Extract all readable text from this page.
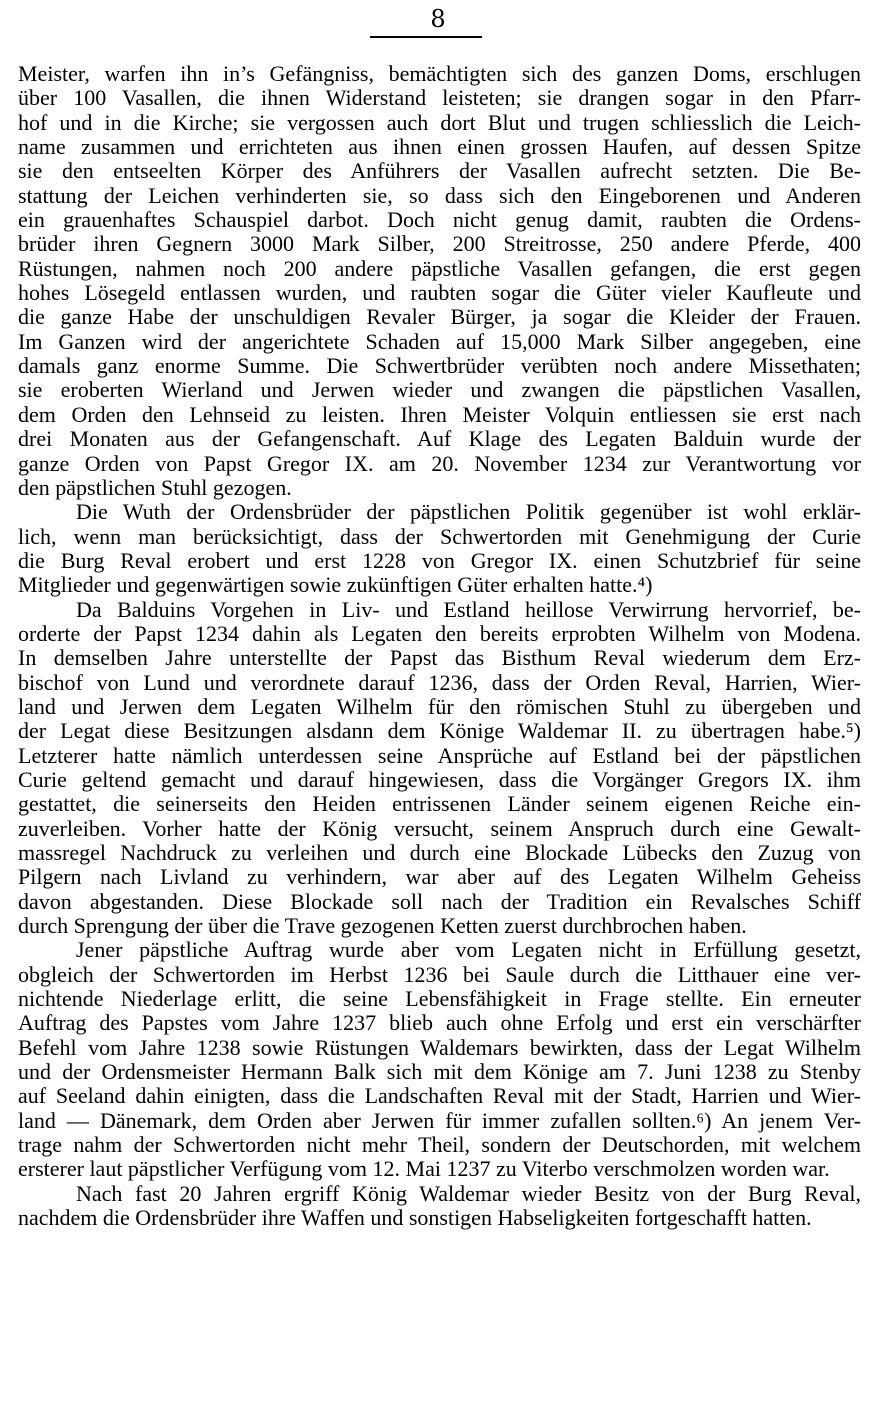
8
Meister, warfen ihn in’s Gefängniss, bemächtigten sich des ganzen Doms, erschlugen
über 100 Vasallen, die ihnen Widerstand leisteten; sie drangen sogar in den Pfarr-
hof und in die Kirche; sie vergossen auch dort Blut und trugen schliesslich die Leich-
name zusammen und errichteten aus ihnen einen grossen Haufen, auf dessen Spitze
sie den entseelten Körper des Anführers der Vasallen aufrecht setzten. Die Be-
stattung der Leichen verhinderten sie, so dass sich den Eingeborenen und Anderen
ein grauenhaftes Schauspiel darbot. Doch nicht genug damit, raubten die Ordens-
brüder ihren Gegnern 3000 Mark Silber, 200 Streitrosse, 250 andere Pferde, 400
Rüstungen, nahmen noch 200 andere päpstliche Vasallen gefangen, die erst gegen
hohes Lösegeld entlassen wurden, und raubten sogar die Güter vieler Kaufleute und
die ganze Habe der unschuldigen Revaler Bürger, ja sogar die Kleider der Frauen.
Im Ganzen wird der angerichtete Schaden auf 15,000 Mark Silber angegeben, eine
damals ganz enorme Summe. Die Schwertbrüder verübten noch andere Missethaten;
sie eroberten Wierland und Jerwen wieder und zwangen die päpstlichen Vasallen,
dem Orden den Lehnseid zu leisten. Ihren Meister Volquin entliessen sie erst nach
drei Monaten aus der Gefangenschaft. Auf Klage des Legaten Balduin wurde der
ganze Orden von Papst Gregor IX. am 20. November 1234 zur Verantwortung vor
den päpstlichen Stuhl gezogen.
Die Wuth der Ordensbrüder der päpstlichen Politik gegenüber ist wohl erklär-
lich, wenn man berücksichtigt, dass der Schwertorden mit Genehmigung der Curie
die Burg Reval erobert und erst 1228 von Gregor IX. einen Schutzbrief für seine
Mitglieder und gegenwärtigen sowie zukünftigen Güter erhalten hatte.⁴)
Da Balduins Vorgehen in Liv- und Estland heillose Verwirrung hervorrief, be-
orderte der Papst 1234 dahin als Legaten den bereits erprobten Wilhelm von Modena.
In demselben Jahre unterstellte der Papst das Bisthum Reval wiederum dem Erz-
bischof von Lund und verordnete darauf 1236, dass der Orden Reval, Harrien, Wier-
land und Jerwen dem Legaten Wilhelm für den römischen Stuhl zu übergeben und
der Legat diese Besitzungen alsdann dem Könige Waldemar II. zu übertragen habe.⁵)
Letzterer hatte nämlich unterdessen seine Ansprüche auf Estland bei der päpstlichen
Curie geltend gemacht und darauf hingewiesen, dass die Vorgänger Gregors IX. ihm
gestattet, die seinerseits den Heiden entrissenen Länder seinem eigenen Reiche ein-
zuverleiben. Vorher hatte der König versucht, seinem Anspruch durch eine Gewalt-
massregel Nachdruck zu verleihen und durch eine Blockade Lübecks den Zuzug von
Pilgern nach Livland zu verhindern, war aber auf des Legaten Wilhelm Geheiss
davon abgestanden. Diese Blockade soll nach der Tradition ein Revalsches Schiff
durch Sprengung der über die Trave gezogenen Ketten zuerst durchbrochen haben.
Jener päpstliche Auftrag wurde aber vom Legaten nicht in Erfüllung gesetzt,
obgleich der Schwertorden im Herbst 1236 bei Saule durch die Litthauer eine ver-
nichtende Niederlage erlitt, die seine Lebensfähigkeit in Frage stellte. Ein erneuter
Auftrag des Papstes vom Jahre 1237 blieb auch ohne Erfolg und erst ein verschärfter
Befehl vom Jahre 1238 sowie Rüstungen Waldemars bewirkten, dass der Legat Wilhelm
und der Ordensmeister Hermann Balk sich mit dem Könige am 7. Juni 1238 zu Stenby
auf Seeland dahin einigten, dass die Landschaften Reval mit der Stadt, Harrien und Wier-
land — Dänemark, dem Orden aber Jerwen für immer zufallen sollten.⁶) An jenem Ver-
trage nahm der Schwertorden nicht mehr Theil, sondern der Deutschorden, mit welchem
ersterer laut päpstlicher Verfügung vom 12. Mai 1237 zu Viterbo verschmolzen worden war.
Nach fast 20 Jahren ergriff König Waldemar wieder Besitz von der Burg Reval,
nachdem die Ordensbrüder ihre Waffen und sonstigen Habseligkeiten fortgeschafft hatten.
